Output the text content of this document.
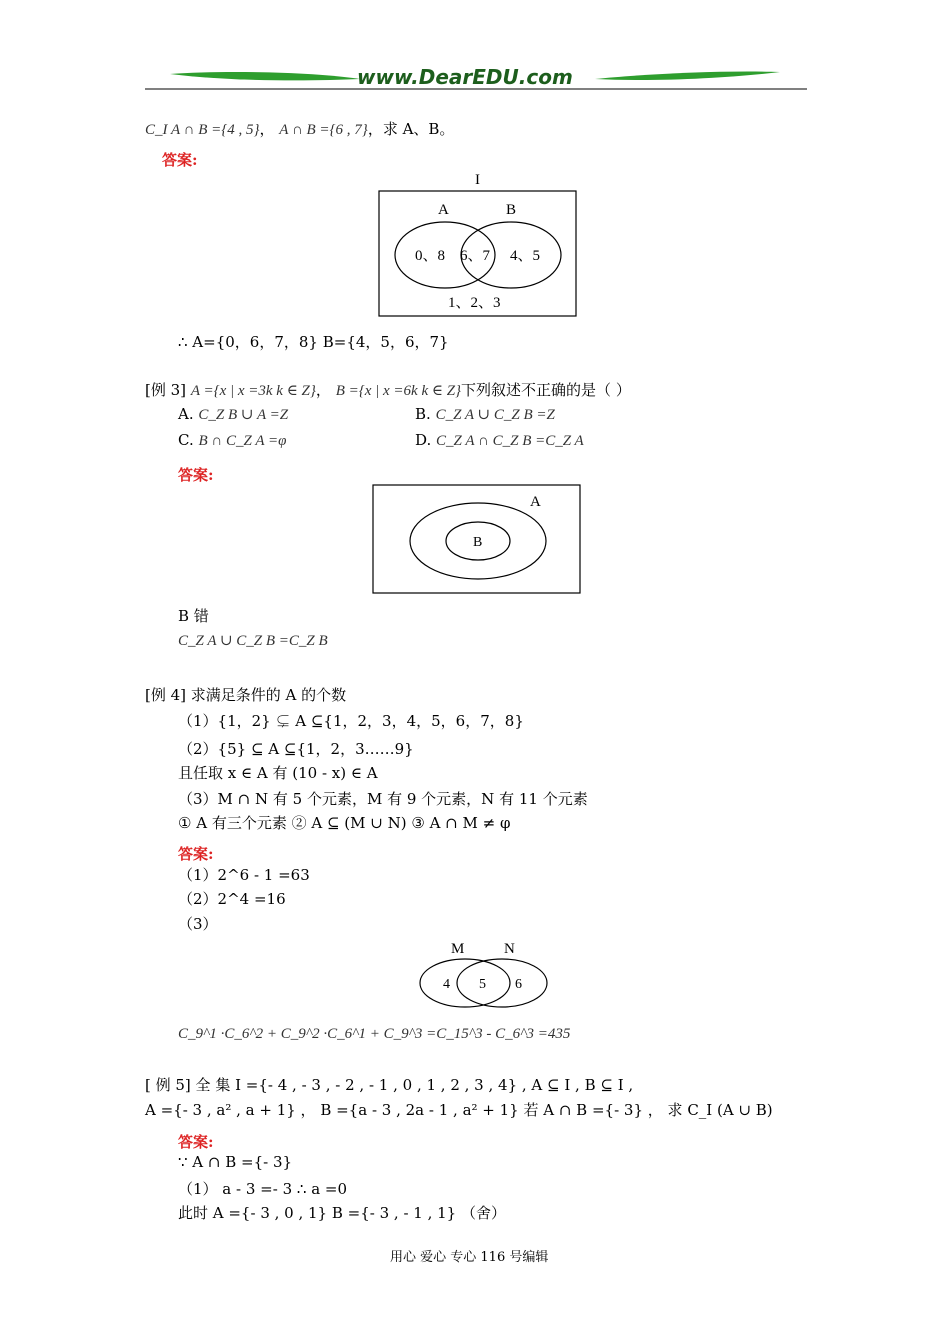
www.DearEDU.com
C_I A ∩ B ={4 , 5}， A ∩ B ={6 , 7}，求 A、B。
答案:
I
A	B
0、8 6、7 4、5
1、2、3
∴ A={0，6，7，8} B={4，5，6，7}
[例 3] A ={x | x =3k k ∈ Z}， B ={x | x =6k k ∈ Z}下列叙述不正确的是（ ）
A. C_Z B ∪ A =Z	B. C_Z A ∪ C_Z B =Z
C. B ∩ C_Z A =φ	D. C_Z A ∩ C_Z B =C_Z A
答案:
A
B
B 错
C_Z A ∪ C_Z B =C_Z B
[例 4] 求满足条件的 A 的个数
（1）{1，2} ⊊ A ⊆{1，2，3，4，5，6，7，8}
（2）{5} ⊆ A ⊆{1，2，3……9}
且任取 x ∈ A 有 (10 - x) ∈ A
（3）M ∩ N 有 5 个元素，M 有 9 个元素，N 有 11 个元素
① A 有三个元素 ② A ⊆ (M ∪ N) ③ A ∩ M ≠ φ
答案:
（1）2^6 - 1 =63
（2）2^4 =16
（3）
M	N
4 5 6
C_9^1 ·C_6^2 + C_9^2 ·C_6^1 + C_9^3 =C_15^3 - C_6^3 =435
[ 例 5] 全 集 I ={- 4 , - 3 , - 2 , - 1 , 0 , 1 , 2 , 3 , 4} , A ⊆ I , B ⊆ I ,
A ={- 3 , a² , a + 1} ， B ={a - 3 , 2a - 1 , a² + 1} 若 A ∩ B ={- 3} ， 求 C_I (A ∪ B)
答案:
∵ A ∩ B ={- 3}
（1） a - 3 =- 3 ∴ a =0
此时 A ={- 3 , 0 , 1} B ={- 3 , - 1 , 1} （舍）
用心 爱心 专心 116 号编辑
